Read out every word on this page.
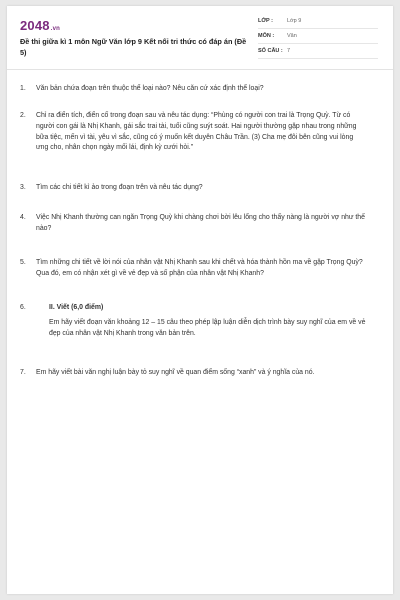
2048.vn
Đề thi giữa kì 1 môn Ngữ Văn lớp 9 Kết nối tri thức có đáp án (Đề 5)
LỚP :	Lớp 9
MÔN : Văn
SỐ CÂU : 7
1.	Văn bản chứa đoạn trên thuộc thể loại nào? Nêu căn cứ xác định thể loại?
2.	Chỉ ra điển tích, điển cố trong đoạn sau và nêu tác dụng: “Phùng có người con trai là Trọng Quỳ. Từ có người con gái là Nhị Khanh, gái sắc trai tài, tuổi cũng suýt soát. Hai người thường gặp nhau trong những bữa tiệc, mến vì tài, yêu vì sắc, cũng có ý muốn kết duyên Châu Trần. (3) Cha mẹ đôi bên cũng vui lòng ưng cho, nhân chọn ngày mối lái, định kỳ cưới hỏi.”
3.	Tìm các chi tiết kì ảo trong đoạn trên và nêu tác dụng?
4.	Việc Nhị Khanh thường can ngăn Trọng Quỳ khi chàng chơi bời lêu lổng cho thấy nàng là người vợ như thế nào?
5.	Tìm những chi tiết về lời nói của nhân vật Nhị Khanh sau khi chết và hóa thành hồn ma về gặp Trọng Quỳ? Qua đó, em có nhận xét gì về vẻ đẹp và số phận của nhân vật Nhị Khanh?
6.	II. Viết (6,0 điểm)
Em hãy viết đoạn văn khoảng 12 – 15 câu theo phép lập luận diễn dịch trình bày suy nghĩ của em về vẻ đẹp của nhân vật Nhị Khanh trong văn bản trên.
7.	Em hãy viết bài văn nghị luận bày tỏ suy nghĩ về quan điểm sống “xanh” và ý nghĩa của nó.
